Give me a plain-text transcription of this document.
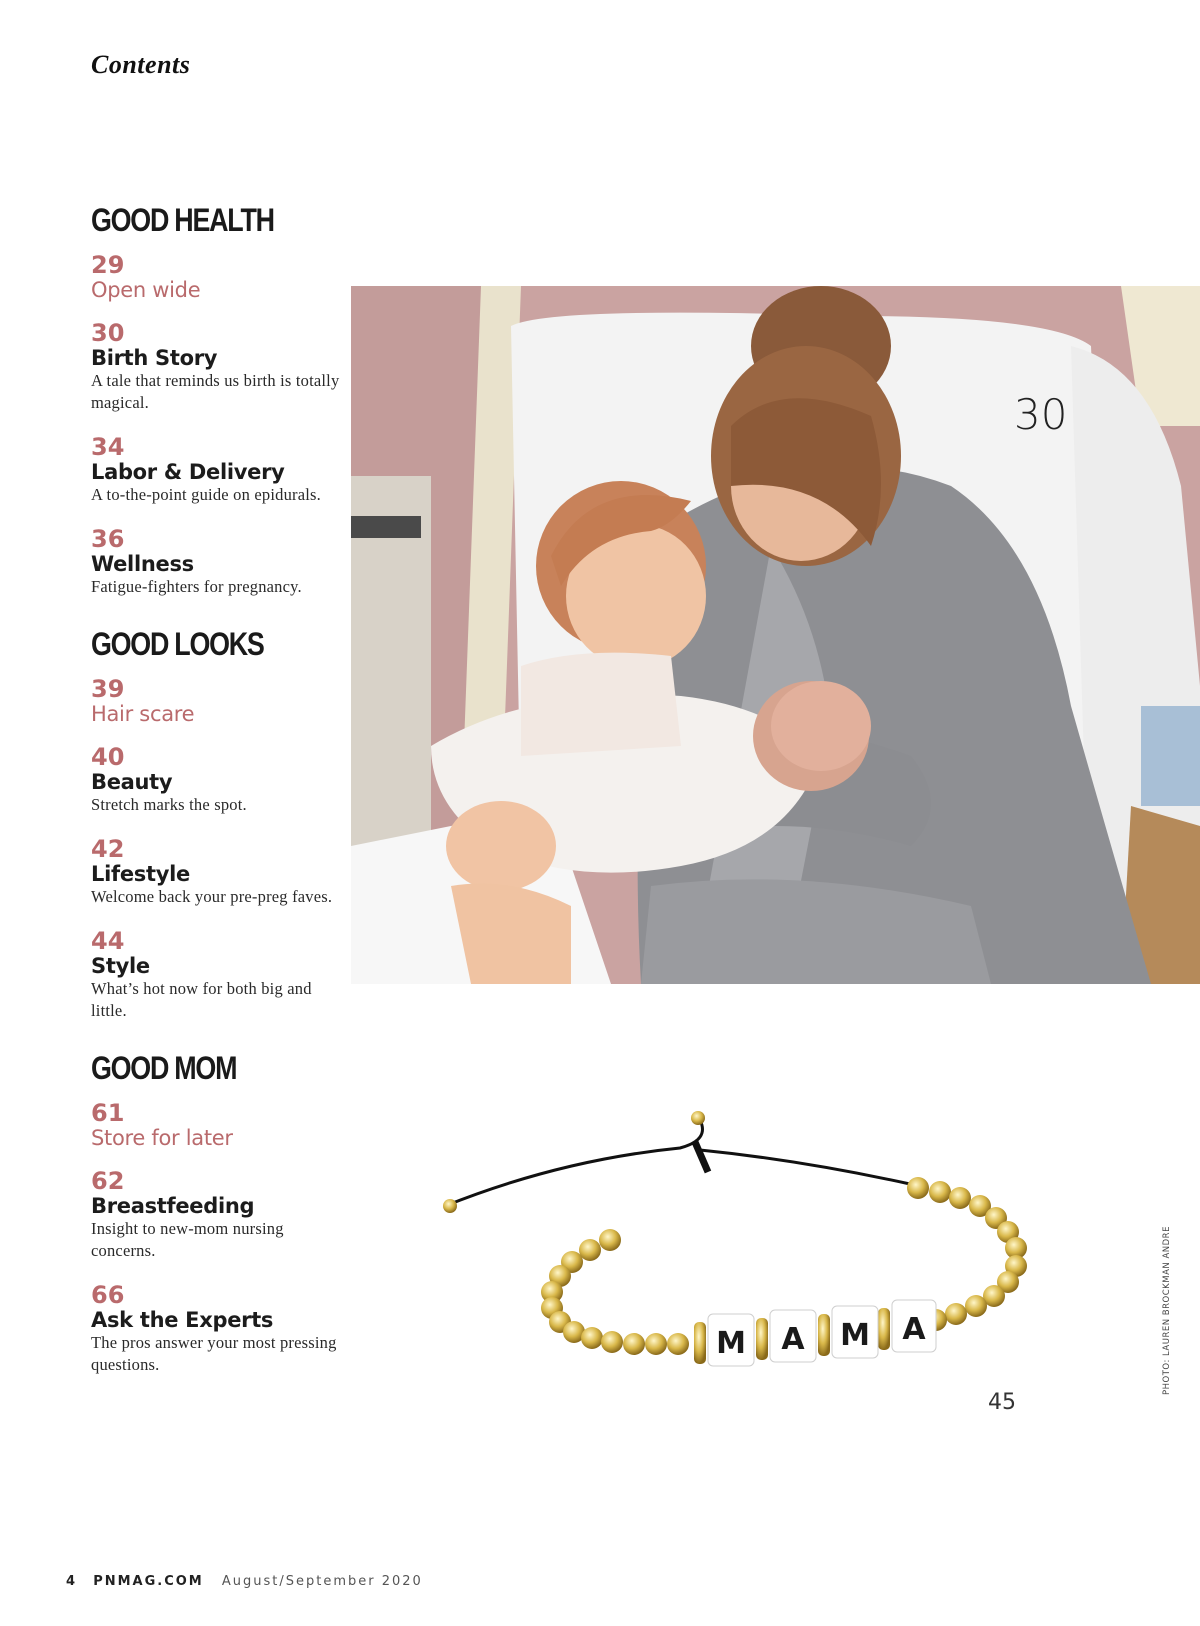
Contents
GOOD HEALTH
29
Open wide
30
Birth Story
A tale that reminds us birth is totally magical.
34
Labor & Delivery
A to-the-point guide on epidurals.
36
Wellness
Fatigue-fighters for pregnancy.
GOOD LOOKS
39
Hair scare
40
Beauty
Stretch marks the spot.
42
Lifestyle
Welcome back your pre-preg faves.
44
Style
What’s hot now for both big and little.
GOOD MOM
61
Store for later
62
Breastfeeding
Insight to new-mom nursing concerns.
66
Ask the Experts
The pros answer your most pressing questions.
30
M A M A
45
PHOTO: LAUREN BROCKMAN ANDRE
4 PNMAG.COM August/September 2020
